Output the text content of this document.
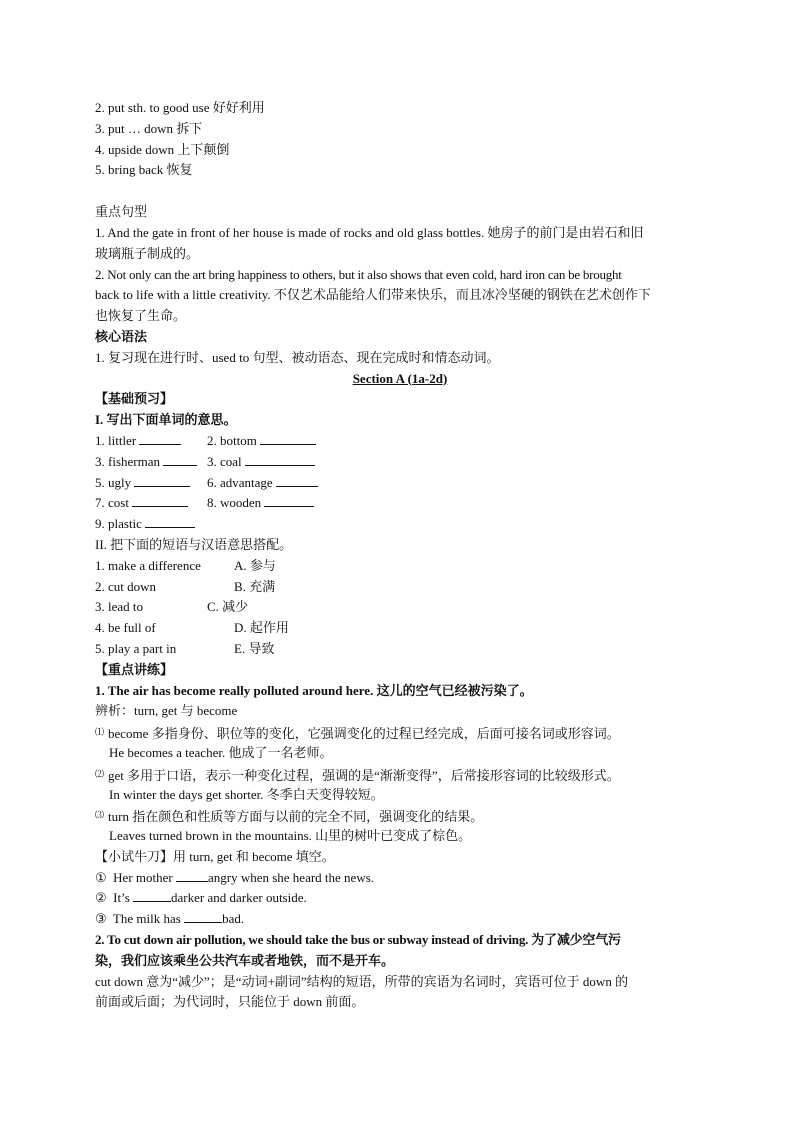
2. put sth. to good use 好好利用
3. put … down 拆下
4. upside down 上下颠倒
5. bring back 恢复
重点句型
1. And the gate in front of her house is made of rocks and old glass bottles. 她房子的前门是由岩石和旧
玻璃瓶子制成的。
2. Not only can the art bring happiness to others, but it also shows that even cold, hard iron can be brought
back to life with a little creativity. 不仅艺术品能给人们带来快乐，而且冰冷坚硬的钢铁在艺术创作下
也恢复了生命。
核心语法
1. 复习现在进行时、used to 句型、被动语态、现在完成时和情态动词。
Section A (1a-2d)
【基础预习】
I. 写出下面单词的意思。
1. littler	2. bottom
3. fisherman	3. coal
5. ugly	6. advantage
7. cost	8. wooden
9. plastic
II. 把下面的短语与汉语意思搭配。
1. make a difference	A. 参与
2. cut down	B. 充满
3. lead to	C. 减少
4. be full of	D. 起作用
5. play a part in	E. 导致
【重点讲练】
1. The air has become really polluted around here. 这儿的空气已经被污染了。
辨析：turn, get 与 become
⑴ become 多指身份、职位等的变化，它强调变化的过程已经完成，后面可接名词或形容词。
He becomes a teacher. 他成了一名老师。
⑵ get 多用于口语，表示一种变化过程，强调的是“渐渐变得”，后常接形容词的比较级形式。
In winter the days get shorter. 冬季白天变得较短。
⑶ turn 指在颜色和性质等方面与以前的完全不同，强调变化的结果。
Leaves turned brown in the mountains. 山里的树叶已变成了棕色。
【小试牛刀】用 turn, get 和 become 填空。
① Her mother	angry when she heard the news.
② It’s	darker and darker outside.
③ The milk has	bad.
2. To cut down air pollution, we should take the bus or subway instead of driving. 为了减少空气污
染，我们应该乘坐公共汽车或者地铁，而不是开车。
cut down 意为“减少”；是“动词+副词”结构的短语，所带的宾语为名词时，宾语可位于 down 的
前面或后面；为代词时，只能位于 down 前面。
